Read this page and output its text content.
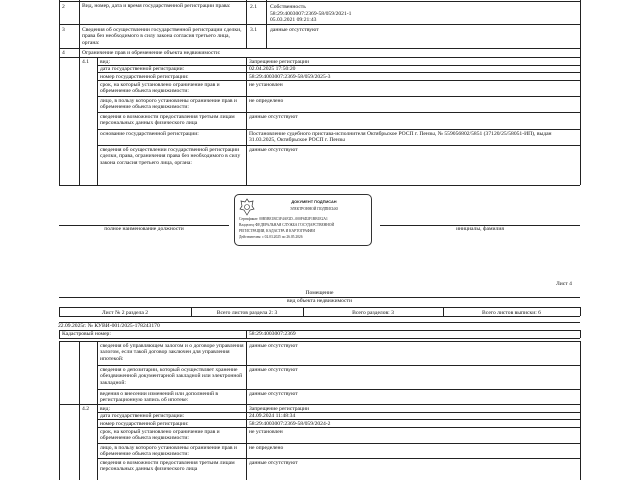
2	Вид, номер, дата и время государственной регистрации права:	2.1 Собственность
58:29:4003007:2369-58/059/2021-1
05.03.2021 09:21:43
3	Сведения об осуществлении государственной регистрации сделки, права без необходимого в силу закона согласия третьего лица, органа:
3.1 данные отсутствуют
4	Ограничение прав и обременение объекта недвижимости:
4.1 вид:	Запрещение регистрации
дата государственной регистрации:	02.04.2025 17:50:20
номер государственной регистрации:	58:29:4003007:2369-58/059/2025-3
срок, на который установлено ограничение прав и обременение объекта недвижимости:
не установлен
лицо, в пользу которого установлены ограничение прав и обременение объекта недвижимости:
не определено
сведения о возможности предоставления третьим лицам персональных данных физического лица
данные отсутствуют
основание государственной регистрации:	Постановление судебного пристава-исполнителя Октябрьское РОСП г. Пензы, № 559056802/5851 (37120/25/58051-ИП), выдан 31.03.2025, Октябрьское РОСП г. Пензы
сведения об осуществлении государственной регистрации сделки, права, ограничения права без необходимого в силу закона согласия третьего лица, органа:
данные отсутствуют
полное наименование должности	инициалы, фамилия
ДОКУМЕНТ ПОДПИСАН
ЭЛЕКТРОННОЙ ПОДПИСЬЮ
Сертификат: 00B5BE1BC3F4AF2D...000F6D2F1BB1E2A1
Владелец: ФЕДЕРАЛЬНАЯ СЛУЖБА ГОСУДАРСТВЕННОЙ
РЕГИСТРАЦИИ, КАДАСТРА И КАРТОГРАФИИ
Действителен: с 02.03.2025 по 26.05.2026
Лист 4
Помещение
вид объекта недвижимости
Лист № 2 раздела 2	Всего листов раздела 2: 3	Всего разделов: 3	Всего листов выписки: 6
22.09.2025г. № КУВИ-001/2025-178243170
Кадастровый номер:	58:29:4003007:2369
сведения об управляющем залогом и о договоре управления залогом, если такой договор заключен для управления ипотекой:
данные отсутствуют
сведения о депозитарии, который осуществляет хранение обездвиженной документарной закладной или электронной закладной:
данные отсутствуют
ведения о внесении изменений или дополнений в регистрационную запись об ипотеке:
данные отсутствуют
4.2 вид:	Запрещение регистрации
дата государственной регистрации:	24.09.2024 11:48:34
номер государственной регистрации:	58:29:4003007:2369-58/059/2024-2
срок, на который установлено ограничение прав и обременение объекта недвижимости:
не установлен
лицо, в пользу которого установлены ограничение прав и обременение объекта недвижимости:
не определено
сведения о возможности предоставления третьим лицам персональных данных физического лица
данные отсутствуют
